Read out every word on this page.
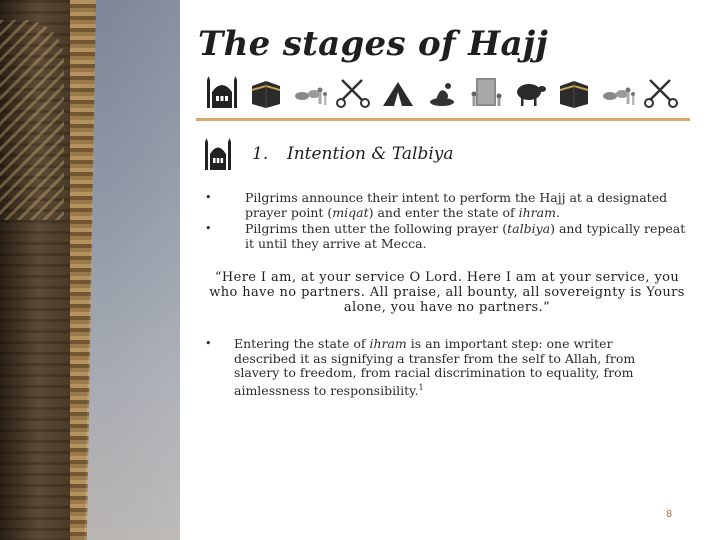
The stages of Hajj
1. Intention & Talbiya
•	Pilgrims announce their intent to perform the Hajj at a designated prayer point (miqat) and enter the state of ihram.
•	Pilgrims then utter the following prayer (talbiya) and typically repeat it until they arrive at Mecca.
“Here I am, at your service O Lord. Here I am at your service, you who have no partners. All praise, all bounty, all sovereignty is Yours alone, you have no partners.”
• Entering the state of ihram is an important step: one writer described it as signifying a transfer from the self to Allah, from slavery to freedom, from racial discrimination to equality, from aimlessness to responsibility.$^1$
8
